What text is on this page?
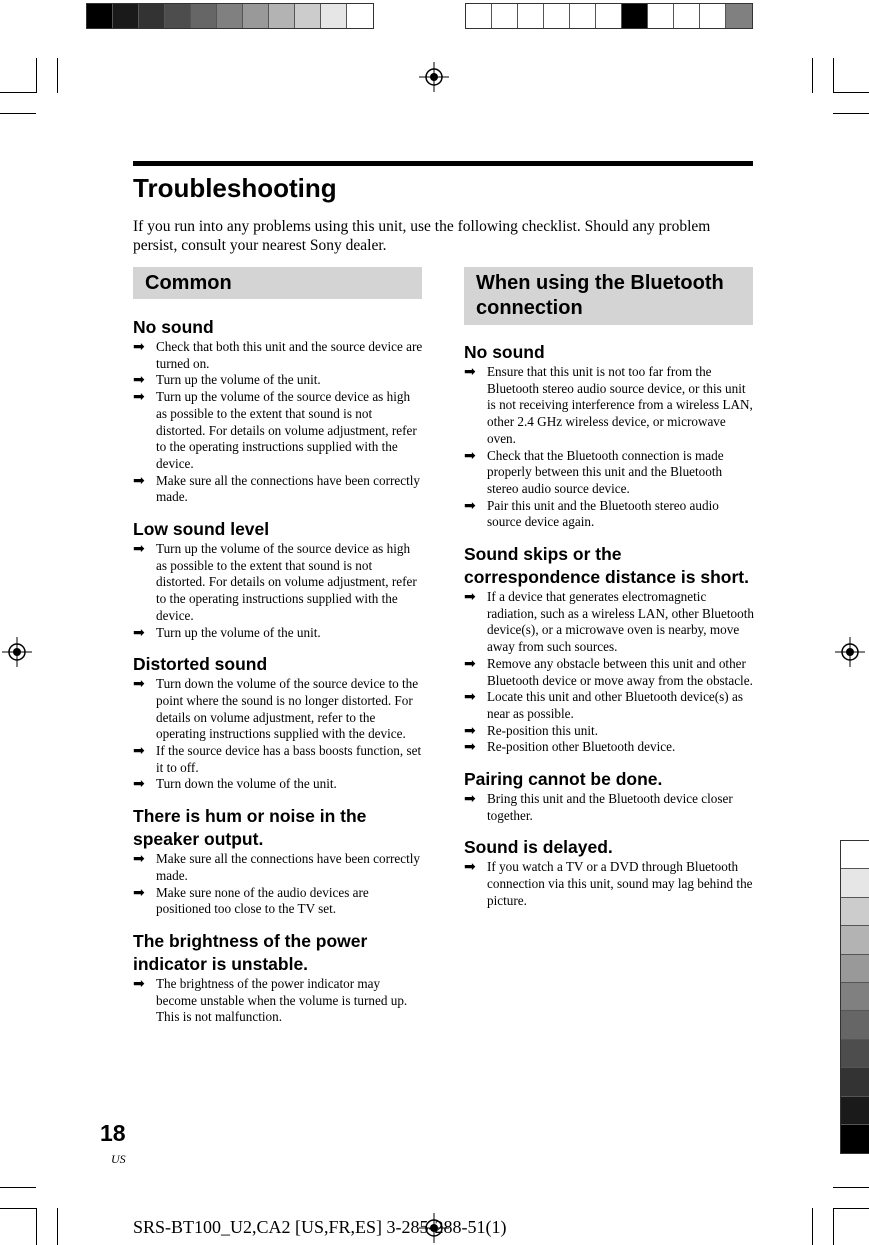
Troubleshooting
If you run into any problems using this unit, use the following checklist. Should any problem persist, consult your nearest Sony dealer.
Common	When using the Bluetooth connection
No sound
➡ Check that both this unit and the source device are turned on.
➡ Turn up the volume of the unit.
➡ Turn up the volume of the source device as high as possible to the extent that sound is not distorted. For details on volume adjustment, refer to the operating instructions supplied with the device.
➡ Make sure all the connections have been correctly made.
Low sound level
➡ Turn up the volume of the source device as high as possible to the extent that sound is not distorted. For details on volume adjustment, refer to the operating instructions supplied with the device.
➡ Turn up the volume of the unit.
Distorted sound
➡ Turn down the volume of the source device to the point where the sound is no longer distorted. For details on volume adjustment, refer to the operating instructions supplied with the device.
➡ If the source device has a bass boosts function, set it to off.
➡ Turn down the volume of the unit.
There is hum or noise in the speaker output.
➡ Make sure all the connections have been correctly made.
➡ Make sure none of the audio devices are positioned too close to the TV set.
The brightness of the power indicator is unstable.
➡ The brightness of the power indicator may become unstable when the volume is turned up. This is not malfunction.
No sound
➡ Ensure that this unit is not too far from the Bluetooth stereo audio source device, or this unit is not receiving interference from a wireless LAN, other 2.4 GHz wireless device, or microwave oven.
➡ Check that the Bluetooth connection is made properly between this unit and the Bluetooth stereo audio source device.
➡ Pair this unit and the Bluetooth stereo audio source device again.
Sound skips or the correspondence distance is short.
➡ If a device that generates electromagnetic radiation, such as a wireless LAN, other Bluetooth device(s), or a microwave oven is nearby, move away from such sources.
➡ Remove any obstacle between this unit and other Bluetooth device or move away from the obstacle.
➡ Locate this unit and other Bluetooth device(s) as near as possible.
➡ Re-position this unit.
➡ Re-position other Bluetooth device.
Pairing cannot be done.
➡ Bring this unit and the Bluetooth device closer together.
Sound is delayed.
➡ If you watch a TV or a DVD through Bluetooth connection via this unit, sound may lag behind the picture.
18
US
SRS-BT100_U2,CA2 [US,FR,ES] 3-285-288-51(1)
